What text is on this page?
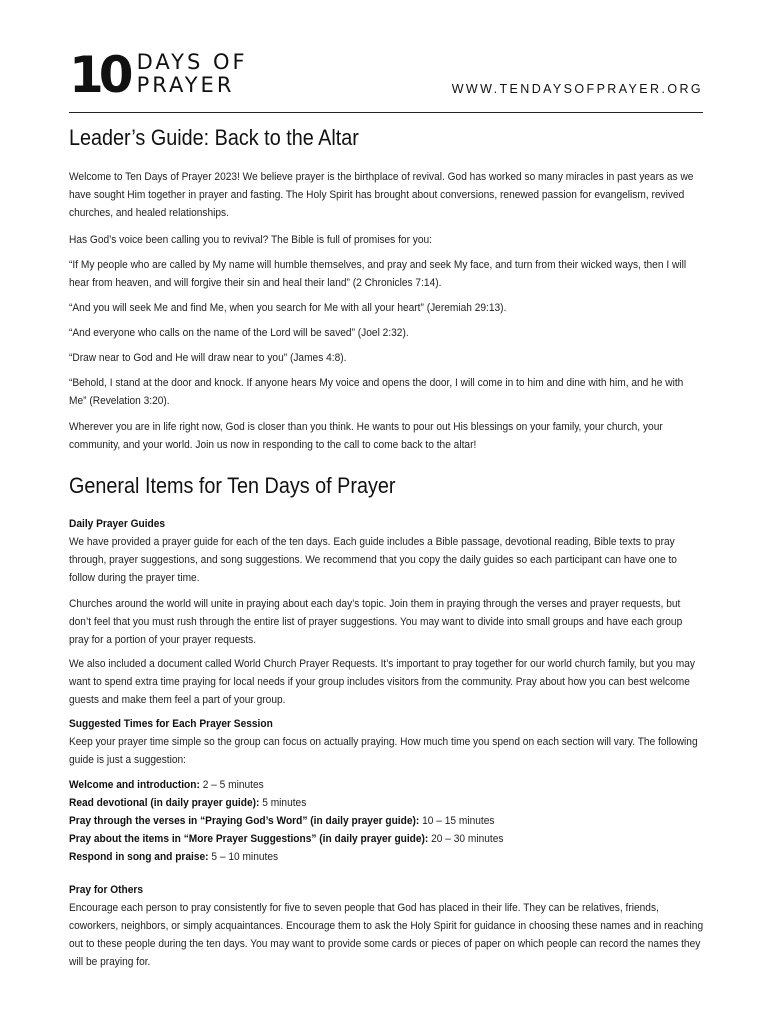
10 DAYS OF
PRAYER	WWW.TENDAYSOFPRAYER.ORG
Leader’s Guide: Back to the Altar

Welcome to Ten Days of Prayer 2023! We believe prayer is the birthplace of revival. God has worked so many miracles in past years as we have sought Him together in prayer and fasting. The Holy Spirit has brought about conversions, renewed passion for evangelism, revived churches, and healed relationships.

Has God’s voice been calling you to revival? The Bible is full of promises for you:

“If My people who are called by My name will humble themselves, and pray and seek My face, and turn from their wicked ways, then I will hear from heaven, and will forgive their sin and heal their land” (2 Chronicles 7:14).

“And you will seek Me and find Me, when you search for Me with all your heart” (Jeremiah 29:13).

“And everyone who calls on the name of the Lord will be saved” (Joel 2:32).

“Draw near to God and He will draw near to you” (James 4:8).

“Behold, I stand at the door and knock. If anyone hears My voice and opens the door, I will come in to him and dine with him, and he with Me” (Revelation 3:20).

Wherever you are in life right now, God is closer than you think. He wants to pour out His blessings on your family, your church, your community, and your world. Join us now in responding to the call to come back to the altar!

General Items for Ten Days of Prayer

Daily Prayer Guides

We have provided a prayer guide for each of the ten days. Each guide includes a Bible passage, devotional reading, Bible texts to pray through, prayer suggestions, and song suggestions. We recommend that you copy the daily guides so each participant can have one to follow during the prayer time.

Churches around the world will unite in praying about each day’s topic. Join them in praying through the verses and prayer requests, but don’t feel that you must rush through the entire list of prayer suggestions. You may want to divide into small groups and have each group pray for a portion of your prayer requests.

We also included a document called World Church Prayer Requests. It’s important to pray together for our world church family, but you may want to spend extra time praying for local needs if your group includes visitors from the community. Pray about how you can best welcome guests and make them feel a part of your group.

Suggested Times for Each Prayer Session

Keep your prayer time simple so the group can focus on actually praying. How much time you spend on each section will vary. The following guide is just a suggestion:

Welcome and introduction: 2 – 5 minutes

Read devotional (in daily prayer guide): 5 minutes

Pray through the verses in “Praying God’s Word” (in daily prayer guide): 10 – 15 minutes

Pray about the items in “More Prayer Suggestions” (in daily prayer guide): 20 – 30 minutes

Respond in song and praise: 5 – 10 minutes

Pray for Others

Encourage each person to pray consistently for five to seven people that God has placed in their life. They can be relatives, friends, coworkers, neighbors, or simply acquaintances. Encourage them to ask the Holy Spirit for guidance in choosing these names and in reaching out to these people during the ten days. You may want to provide some cards or pieces of paper on which people can record the names they will be praying for.
